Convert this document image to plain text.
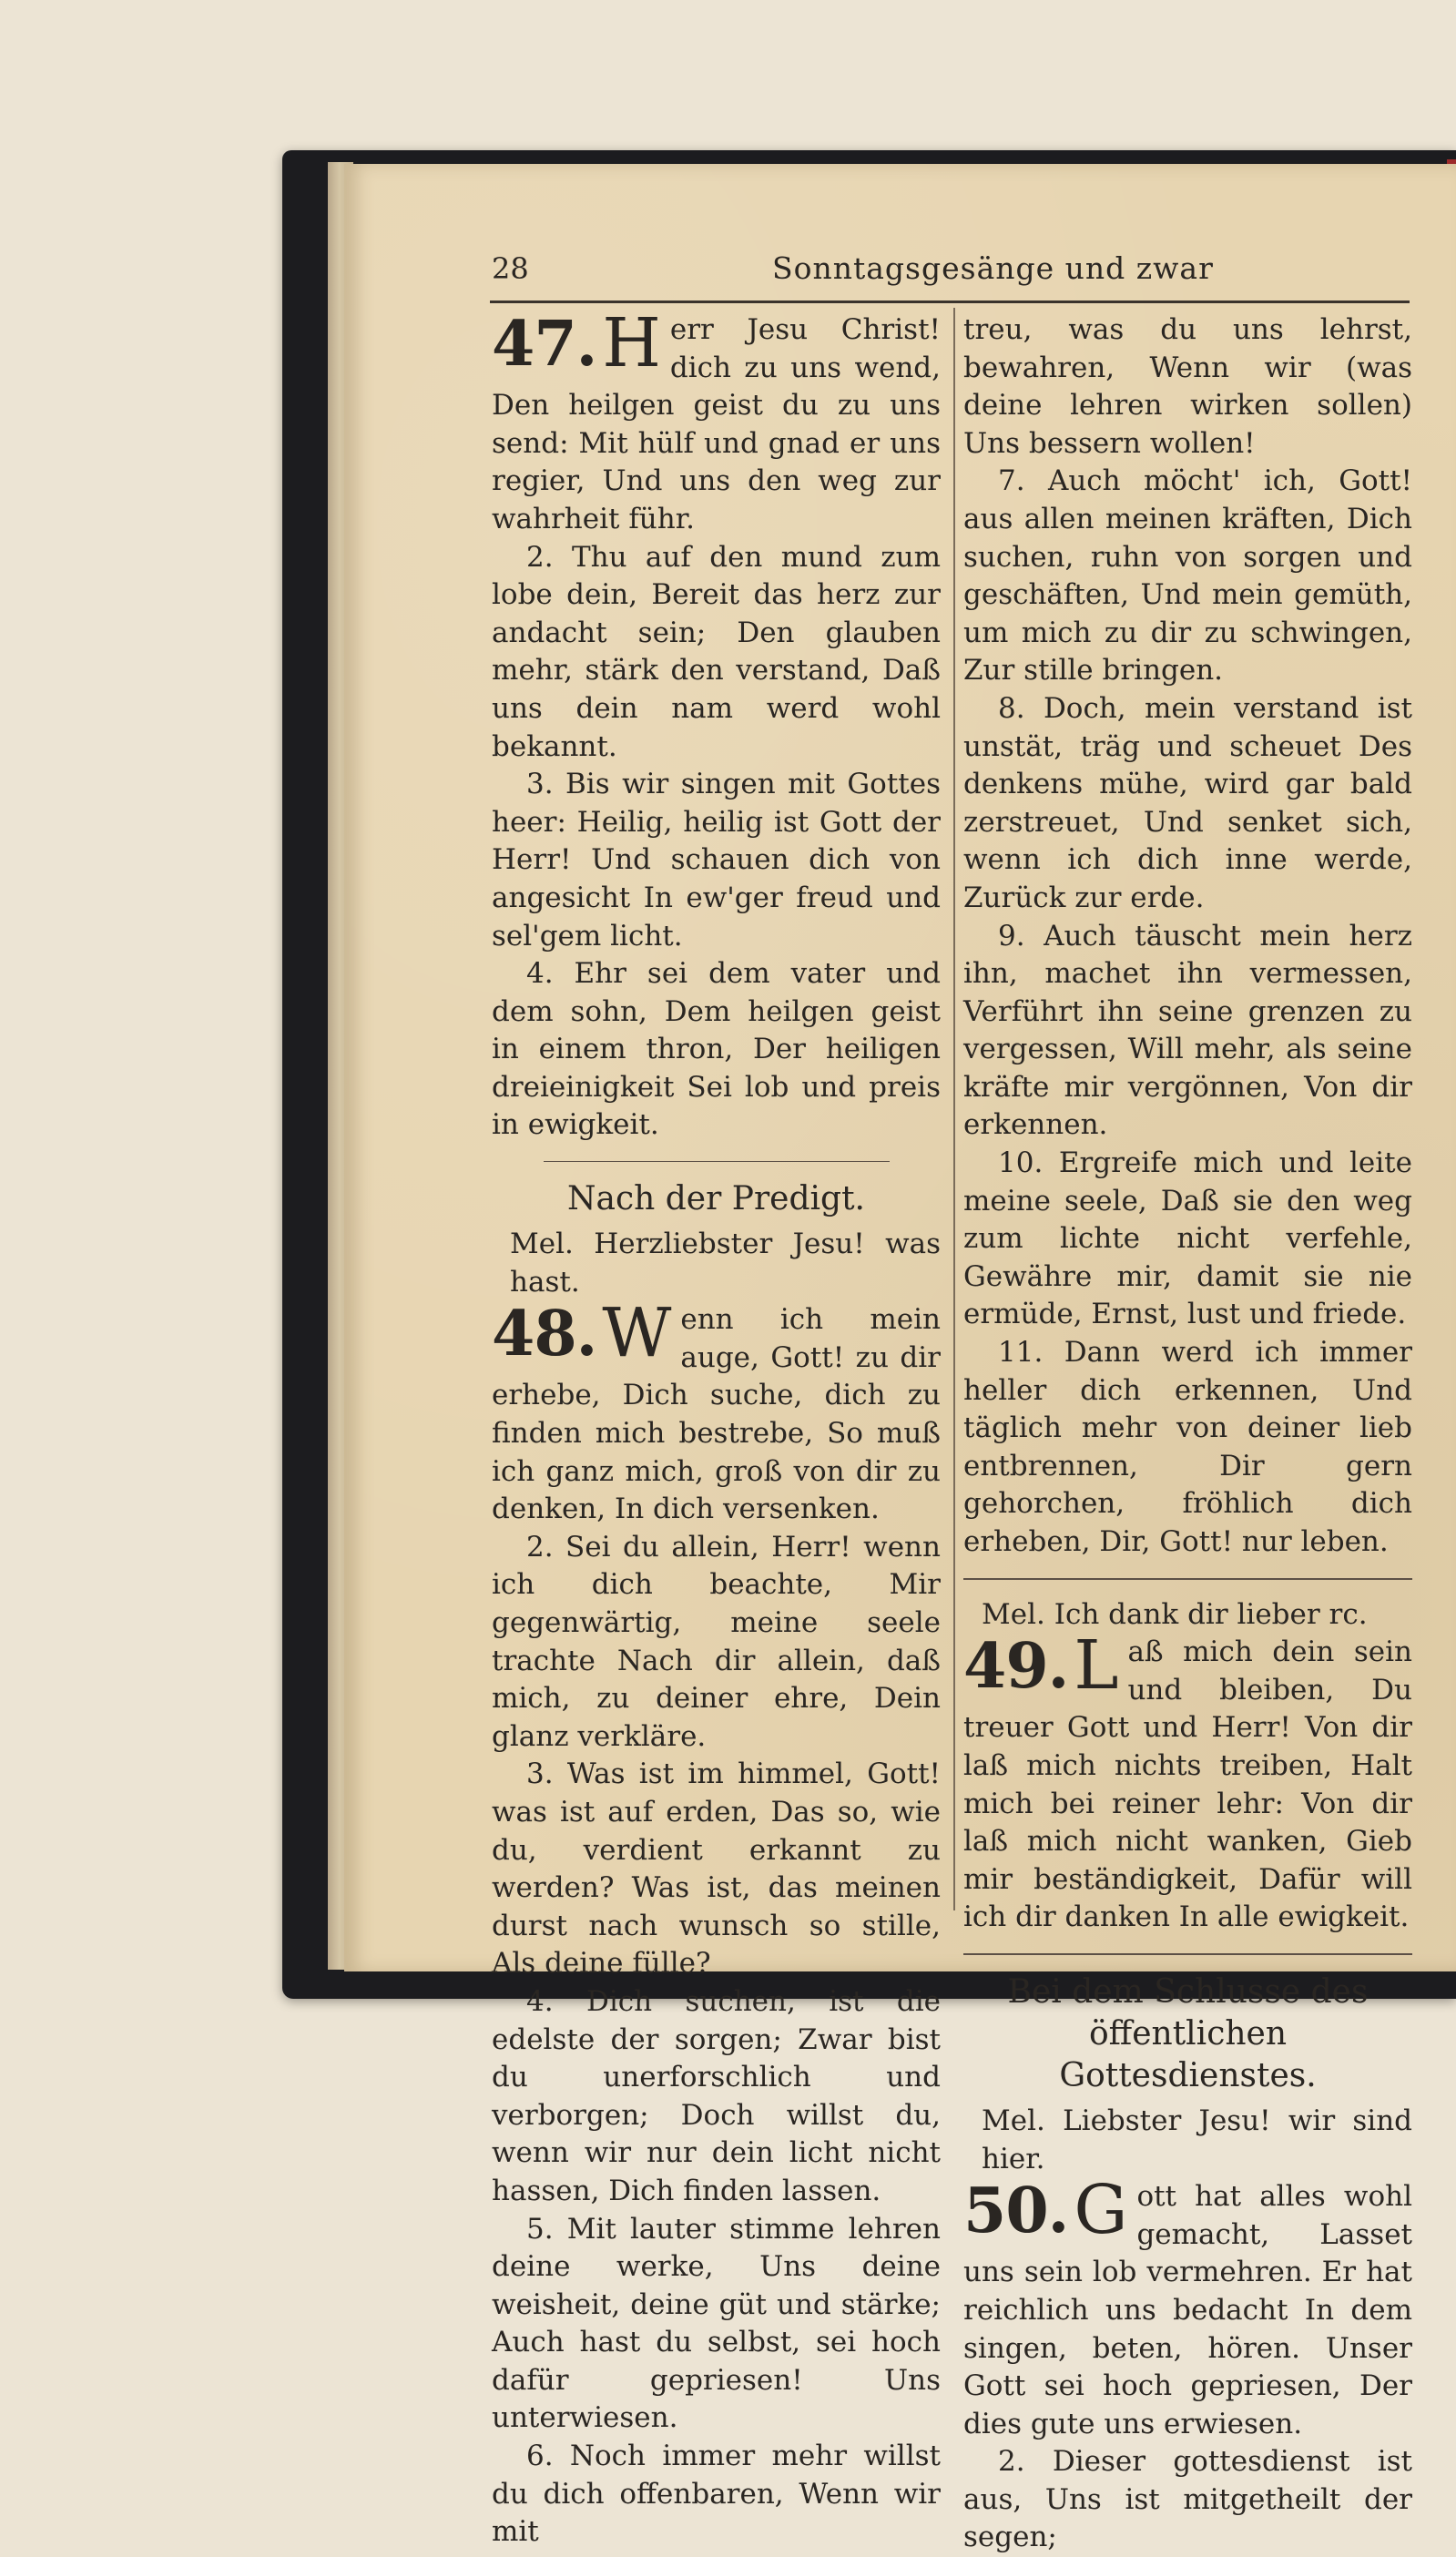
28	Sonntagsgesänge und zwar
47. H err Jesu Christ! dich zu uns wend, Den heilgen geist du zu uns send: Mit hülf und gnad er uns regier, Und uns den weg zur wahrheit führ.

2. Thu auf den mund zum lobe dein, Bereit das herz zur andacht sein; Den glauben mehr, stärk den verstand, Daß uns dein nam werd wohl bekannt.

3. Bis wir singen mit Gottes heer: Heilig, heilig ist Gott der Herr! Und schauen dich von angesicht In ew'ger freud und sel'gem licht.

4. Ehr sei dem vater und dem sohn, Dem heilgen geist in einem thron, Der heiligen dreieinigkeit Sei lob und preis in ewigkeit.

Nach der Predigt.

Mel. Herzliebster Jesu! was hast.

48. W enn ich mein auge, Gott! zu dir erhebe, Dich suche, dich zu finden mich bestrebe, So muß ich ganz mich, groß von dir zu denken, In dich versenken.

2. Sei du allein, Herr! wenn ich dich beachte, Mir gegenwärtig, meine seele trachte Nach dir allein, daß mich, zu deiner ehre, Dein glanz verkläre.

3. Was ist im himmel, Gott! was ist auf erden, Das so, wie du, verdient erkannt zu werden? Was ist, das meinen durst nach wunsch so stille, Als deine fülle?

4. Dich suchen, ist die edelste der sorgen; Zwar bist du unerforschlich und verborgen; Doch willst du, wenn wir nur dein licht nicht hassen, Dich finden lassen.

5. Mit lauter stimme lehren deine werke, Uns deine weisheit, deine güt und stärke; Auch hast du selbst, sei hoch dafür gepriesen! Uns unterwiesen.

6. Noch immer mehr willst du dich offenbaren, Wenn wir mit

treu, was du uns lehrst, bewahren, Wenn wir (was deine lehren wirken sollen) Uns bessern wollen!

7. Auch möcht' ich, Gott! aus allen meinen kräften, Dich suchen, ruhn von sorgen und geschäften, Und mein gemüth, um mich zu dir zu schwingen, Zur stille bringen.

8. Doch, mein verstand ist unstät, träg und scheuet Des denkens mühe, wird gar bald zerstreuet, Und senket sich, wenn ich dich inne werde, Zurück zur erde.

9. Auch täuscht mein herz ihn, machet ihn vermessen, Verführt ihn seine grenzen zu vergessen, Will mehr, als seine kräfte mir vergönnen, Von dir erkennen.

10. Ergreife mich und leite meine seele, Daß sie den weg zum lichte nicht verfehle, Gewähre mir, damit sie nie ermüde, Ernst, lust und friede.

11. Dann werd ich immer heller dich erkennen, Und täglich mehr von deiner lieb entbrennen, Dir gern gehorchen, fröhlich dich erheben, Dir, Gott! nur leben.

Mel. Ich dank dir lieber rc.

49. L aß mich dein sein und bleiben, Du treuer Gott und Herr! Von dir laß mich nichts treiben, Halt mich bei reiner lehr: Von dir laß mich nicht wanken, Gieb mir beständigkeit, Dafür will ich dir danken In alle ewigkeit.

Bei dem Schlusse des öffentlichen Gottesdienstes.

Mel. Liebster Jesu! wir sind hier.

50. G ott hat alles wohl gemacht, Lasset uns sein lob vermehren. Er hat reichlich uns bedacht In dem singen, beten, hören. Unser Gott sei hoch gepriesen, Der dies gute uns erwiesen.

2. Dieser gottesdienst ist aus, Uns ist mitgetheilt der segen;
